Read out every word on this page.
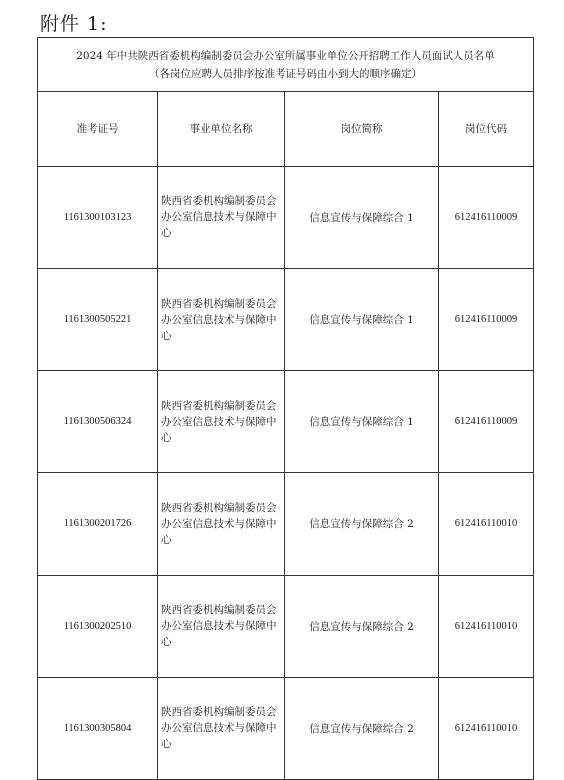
附件 1:
2024 年中共陕西省委机构编制委员会办公室所属事业单位公开招聘工作人员面试人员名单
（各岗位应聘人员排序按准考证号码由小到大的顺序确定）			

准考证号	事业单位名称	岗位简称	岗位代码
1161300103123	陕西省委机构编制委员会办公室信息技术与保障中心	信息宣传与保障综合 1	612416110009
1161300505221	陕西省委机构编制委员会办公室信息技术与保障中心	信息宣传与保障综合 1	612416110009
1161300506324	陕西省委机构编制委员会办公室信息技术与保障中心	信息宣传与保障综合 1	612416110009
1161300201726	陕西省委机构编制委员会办公室信息技术与保障中心	信息宣传与保障综合 2	612416110010
1161300202510	陕西省委机构编制委员会办公室信息技术与保障中心	信息宣传与保障综合 2	612416110010
1161300305804	陕西省委机构编制委员会办公室信息技术与保障中心	信息宣传与保障综合 2	612416110010
